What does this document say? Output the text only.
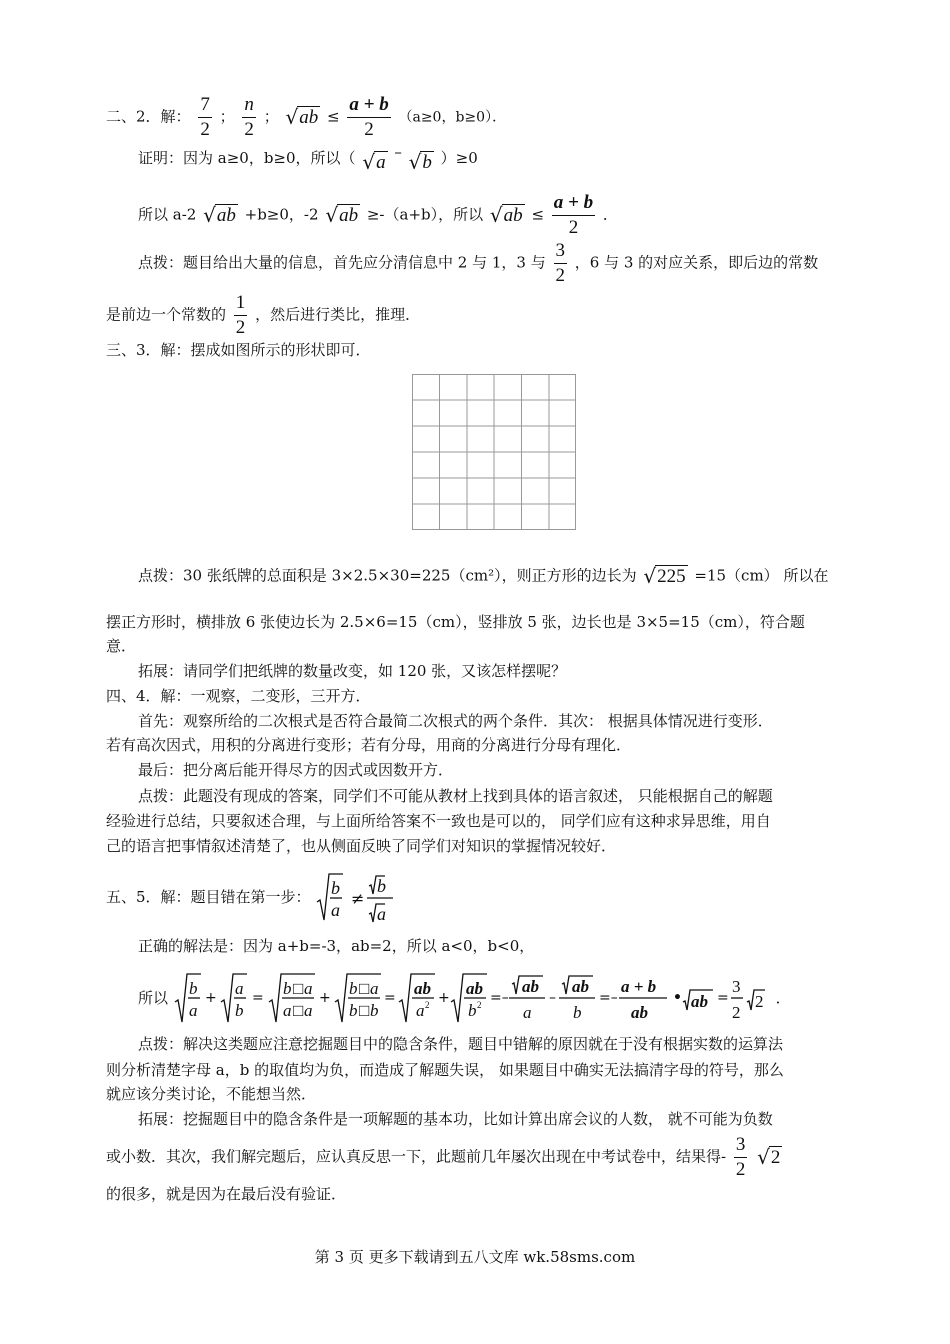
二、2．解： $\frac{7}{2}$ ； $\frac{n}{2}$ ； √ ab ≤ $\frac{a + b}{2} (a\ge 0$，b≥0）．
证明：因为 a≥0，b≥0，所以（ √ a – √ b ）≥0
所以 a-2 √ ab +b≥0，-2 √ ab ≥-（a+b），所以 √ ab ≤ $\frac{a + b}{2}$ ．
点拨：题目给出大量的信息，首先应分清信息中 2 与 1，3 与 $\frac{3}{2}$ ，6 与 3 的对应关系，即后边的常数
是前边一个常数的 $\frac{1}{2}$ ，然后进行类比，推理．
三、3．解：摆成如图所示的形状即可．
点拨：30 张纸牌的总面积是 3×2.5×30=225（cm²），则正方形的边长为 √ 225 =15（cm） 所以在
摆正方形时，横排放 6 张使边长为 2.5×6=15（cm），竖排放 5 张，边长也是 3×5=15（cm），符合题
意．
拓展：请同学们把纸牌的数量改变，如 120 张，又该怎样摆呢？
四、4．解：一观察，二变形，三开方．
首先：观察所给的二次根式是否符合最简二次根式的两个条件．其次： 根据具体情况进行变形．
若有高次因式，用积的分离进行变形；若有分母，用商的分离进行分母有理化．
最后：把分离后能开得尽方的因式或因数开方．
点拨：此题没有现成的答案，同学们不可能从教材上找到具体的语言叙述， 只能根据自己的解题
经验进行总结，只要叙述合理，与上面所给答案不一致也是可以的， 同学们应有这种求异思维，用自
己的语言把事情叙述清楚了，也从侧面反映了同学们对知识的掌握情况较好．
五、5．解：题目错在第一步： b
a
b
a
≠
正确的解法是：因为 a+b=-3，ab=2，所以 a<0，b<0，
所以 b
a
a
b
b □ a
a □ a
b □ a
b □ b
ab
a 2
ab
b 2
ab
a
ab
b
a + b
ab
ab
3
2
2
+	=	+	=	+	=–	–	=–	•	=	．
点拨：解决这类题应注意挖掘题目中的隐含条件，题目中错解的原因就在于没有根据实数的运算法
则分析清楚字母 a，b 的取值均为负，而造成了解题失误， 如果题目中确实无法搞清字母的符号，那么
就应该分类讨论，不能想当然．
拓展：挖掘题目中的隐含条件是一项解题的基本功，比如计算出席会议的人数， 就不可能为负数
或小数．其次，我们解完题后，应认真反思一下，此题前几年屡次出现在中考试卷中，结果得- $\frac{3}{2}$
√ 2
的很多，就是因为在最后没有验证．
第 3 页 更多下载请到五八文库 wk.58sms.com
